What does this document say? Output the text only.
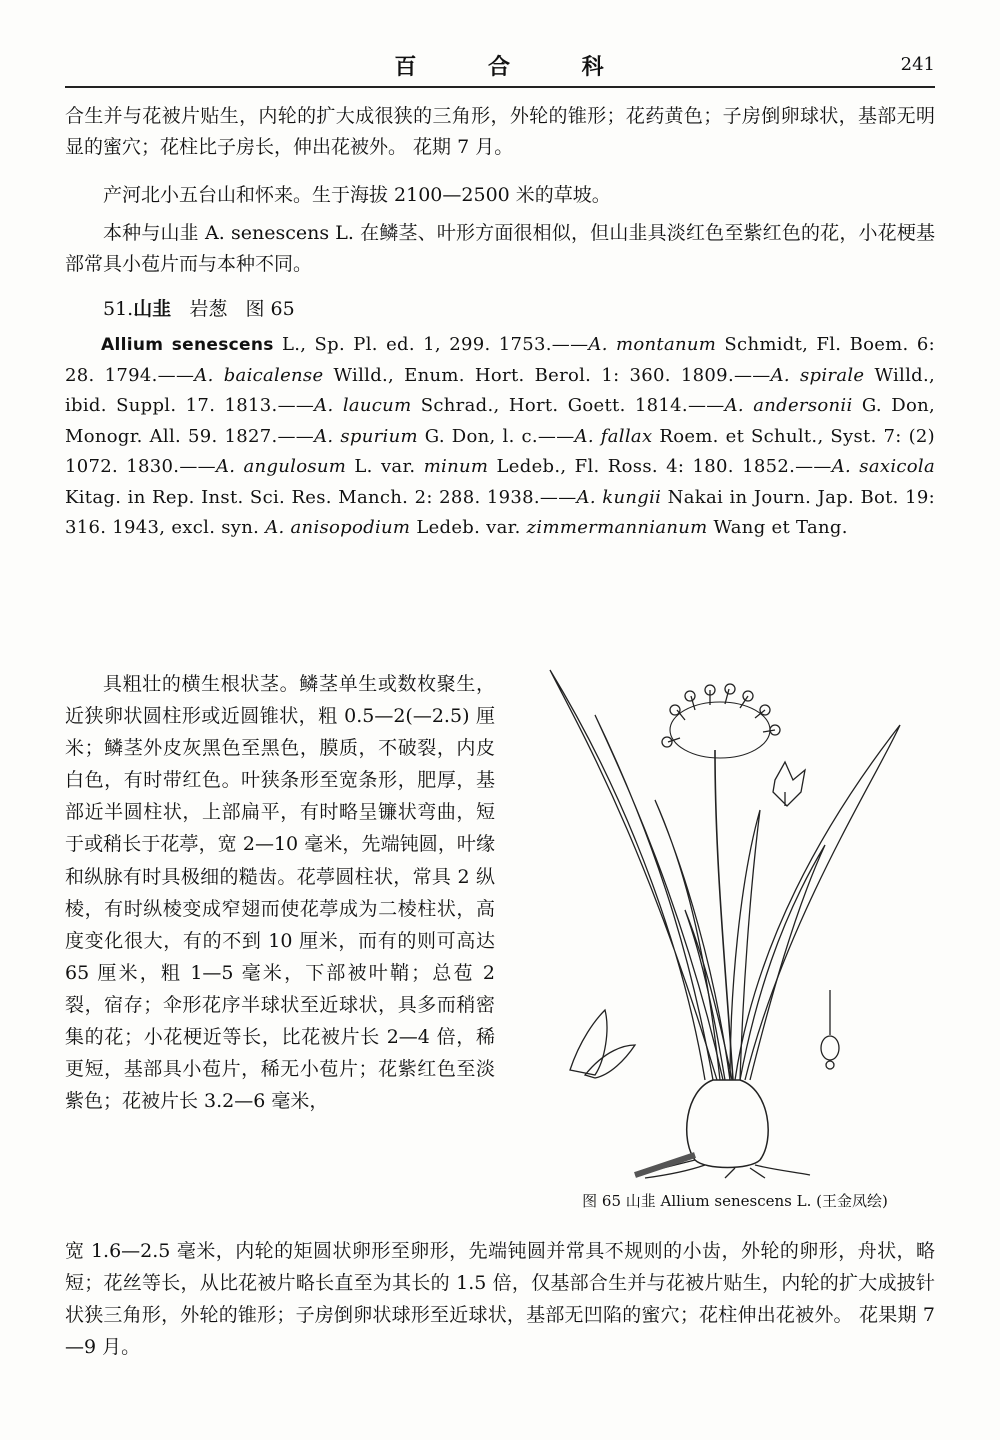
百 合 科	241

合生并与花被片贴生，内轮的扩大成很狭的三角形，外轮的锥形；花药黄色；子房倒卵球状，基部无明显的蜜穴；花柱比子房长，伸出花被外。 花期 7 月。

产河北小五台山和怀来。生于海拔 2100—2500 米的草坡。

本种与山韭 A. senescens L. 在鳞茎、叶形方面很相似，但山韭具淡红色至紫红色的花，小花梗基部常具小苞片而与本种不同。

51.山韭 岩葱 图 65

Allium senescens L., Sp. Pl. ed. 1, 299. 1753.——A. montanum Schmidt, Fl. Boem. 6: 28. 1794.——A. baicalense Willd., Enum. Hort. Berol. 1: 360. 1809.——A. spirale Willd., ibid. Suppl. 17. 1813.——A. laucum Schrad., Hort. Goett. 1814.——A. andersonii G. Don, Monogr. All. 59. 1827.——A. spurium G. Don, l. c.——A. fallax Roem. et Schult., Syst. 7: (2) 1072. 1830.——A. angulosum L. var. minum Ledeb., Fl. Ross. 4: 180. 1852.——A. saxicola Kitag. in Rep. Inst. Sci. Res. Manch. 2: 288. 1938.——A. kungii Nakai in Journ. Jap. Bot. 19: 316. 1943, excl. syn. A. anisopodium Ledeb. var. zimmermannianum Wang et Tang.

具粗壮的横生根状茎。鳞茎单生或数枚聚生，近狭卵状圆柱形或近圆锥状，粗 0.5—2(—2.5) 厘米；鳞茎外皮灰黑色至黑色，膜质，不破裂，内皮白色，有时带红色。叶狭条形至宽条形，肥厚，基部近半圆柱状，上部扁平，有时略呈镰状弯曲，短于或稍长于花葶，宽 2—10 毫米，先端钝圆，叶缘和纵脉有时具极细的糙齿。花葶圆柱状，常具 2 纵棱，有时纵棱变成窄翅而使花葶成为二棱柱状，高度变化很大，有的不到 10 厘米，而有的则可高达 65 厘米，粗 1—5 毫米，下部被叶鞘；总苞 2 裂，宿存；伞形花序半球状至近球状，具多而稍密集的花；小花梗近等长，比花被片长 2—4 倍，稀更短，基部具小苞片，稀无小苞片；花紫红色至淡紫色；花被片长 3.2—6 毫米，

图 65 山韭 Allium senescens L. (王金凤绘)

宽 1.6—2.5 毫米，内轮的矩圆状卵形至卵形，先端钝圆并常具不规则的小齿，外轮的卵形，舟状，略短；花丝等长，从比花被片略长直至为其长的 1.5 倍，仅基部合生并与花被片贴生，内轮的扩大成披针状狭三角形，外轮的锥形；子房倒卵状球形至近球状，基部无凹陷的蜜穴；花柱伸出花被外。 花果期 7—9 月。
